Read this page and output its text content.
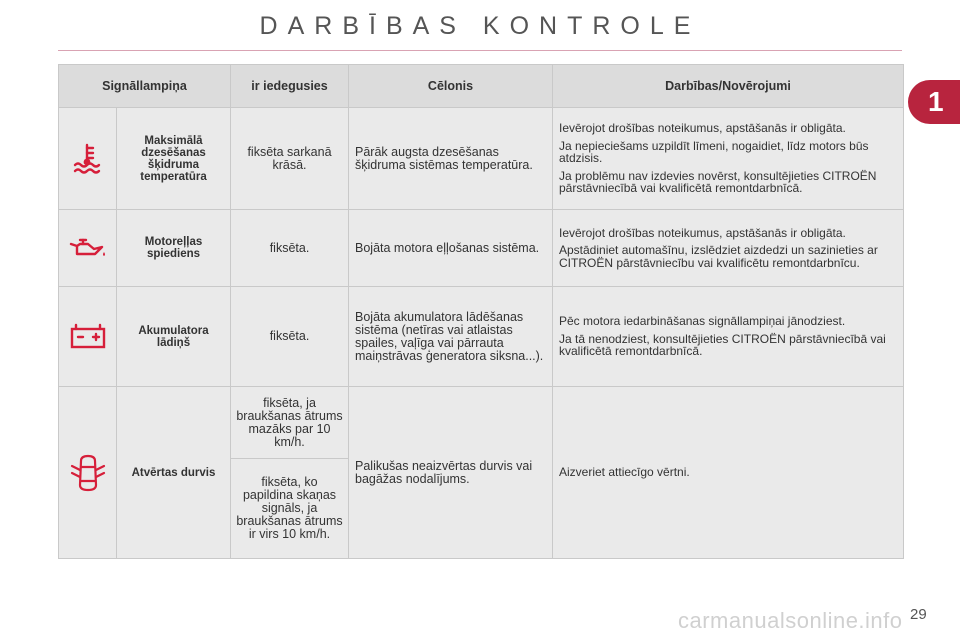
DARBĪBAS KONTROLE
1
Signāllampiņa		ir iedegusies	Cēlonis	Darbības/Novērojumi

	Maksimālā dzesēšanas šķidruma temperatūra	fiksēta sarkanā krāsā.	Pārāk augsta dzesēšanas šķidruma sistēmas temperatūra.	Ievērojot drošības noteikumus, apstāšanās ir obligāta.
Ja nepieciešams uzpildīt līmeni, nogaidiet, līdz motors būs atdzisis.
Ja problēmu nav izdevies novērst, konsultējieties CITROËN pārstāvniecībā vai kvalificētā remontdarbnīcā.

	Motoreļļas spiediens	fiksēta.	Bojāta motora eļļošanas sistēma.	Ievērojot drošības noteikumus, apstāšanās ir obligāta.
Apstādiniet automašīnu, izslēdziet aizdedzi un sazinieties ar CITROËN pārstāvniecību vai kvalificētu remontdarbnīcu.

	Akumulatora lādiņš	fiksēta.	Bojāta akumulatora lādēšanas sistēma (netīras vai atlaistas spailes, vaļīga vai pārrauta maiņstrāvas ģeneratora siksna...).	Pēc motora iedarbināšanas signāllampiņai jānodziest.
Ja tā nenodziest, konsultējieties CITROËN pārstāvniecībā vai kvalificētā remontdarbnīcā.

	Atvērtas durvis	fiksēta, ja braukšanas ātrums mazāks par 10 km/h.	Palikušas neaizvērtas durvis vai bagāžas nodalījums.	Aizveriet attiecīgo vērtni.

		fiksēta, ko papildina skaņas signāls, ja braukšanas ātrums ir virs 10 km/h.		
carmanualsonline.info 29
